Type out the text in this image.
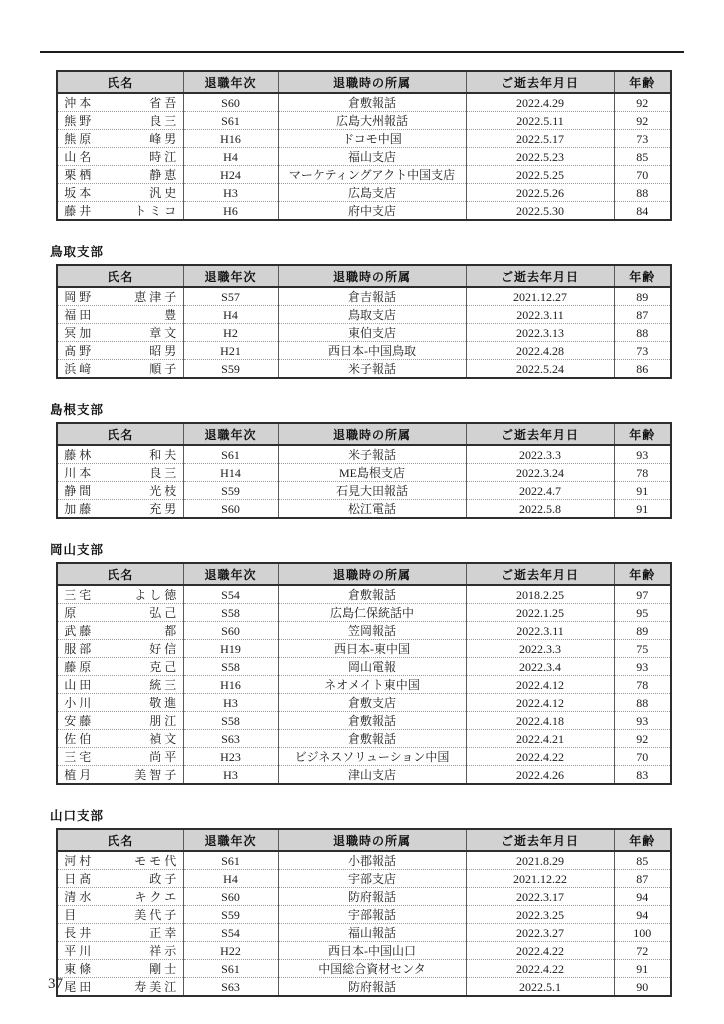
氏名	退職年次	退職時の所属	ご逝去年月日	年齢

沖本 省吾	S60	倉敷報話	2022.4.29	92

熊野 良三	S61	広島大州報話	2022.5.11	92

熊原 峰男	H16	ドコモ中国	2022.5.17	73

山名 時江	H4	福山支店	2022.5.23	85

栗栖 静恵	H24	マーケティングアクト中国支店	2022.5.25	70

坂本 汎史	H3	広島支店	2022.5.26	88

藤井 トミコ	H6	府中支店	2022.5.30	84
鳥取支部
氏名	退職年次	退職時の所属	ご逝去年月日	年齢

岡野 恵津子	S57	倉吉報話	2021.12.27	89

福田 豊	H4	鳥取支店	2022.3.11	87

冥加 章文	H2	東伯支店	2022.3.13	88

髙野 昭男	H21	西日本-中国鳥取	2022.4.28	73

浜﨑 順子	S59	米子報話	2022.5.24	86
島根支部
氏名	退職年次	退職時の所属	ご逝去年月日	年齢

藤林 和夫	S61	米子報話	2022.3.3	93

川本 良三	H14	ME島根支店	2022.3.24	78

静間 光枝	S59	石見大田報話	2022.4.7	91

加藤 充男	S60	松江電話	2022.5.8	91
岡山支部
氏名	退職年次	退職時の所属	ご逝去年月日	年齢

三宅 よし徳	S54	倉敷報話	2018.2.25	97

原 弘己	S58	広島仁保統話中	2022.1.25	95

武藤 都	S60	笠岡報話	2022.3.11	89

服部 好信	H19	西日本-東中国	2022.3.3	75

藤原 克己	S58	岡山電報	2022.3.4	93

山田 統三	H16	ネオメイト東中国	2022.4.12	78

小川 敬進	H3	倉敷支店	2022.4.12	88

安藤 朋江	S58	倉敷報話	2022.4.18	93

佐伯 禎文	S63	倉敷報話	2022.4.21	92

三宅 尚平	H23	ビジネスソリューション中国	2022.4.22	70

植月 美智子	H3	津山支店	2022.4.26	83
山口支部
氏名	退職年次	退職時の所属	ご逝去年月日	年齢

河村 モモ代	S61	小郡報話	2021.8.29	85

日髙 政子	H4	宇部支店	2021.12.22	87

清水 キクエ	S60	防府報話	2022.3.17	94

目 美代子	S59	宇部報話	2022.3.25	94

長井 正幸	S54	福山報話	2022.3.27	100

平川 祥示	H22	西日本-中国山口	2022.4.22	72

東條 剛士	S61	中国総合資材センタ	2022.4.22	91

尾田 寿美江	S63	防府報話	2022.5.1	90
37
